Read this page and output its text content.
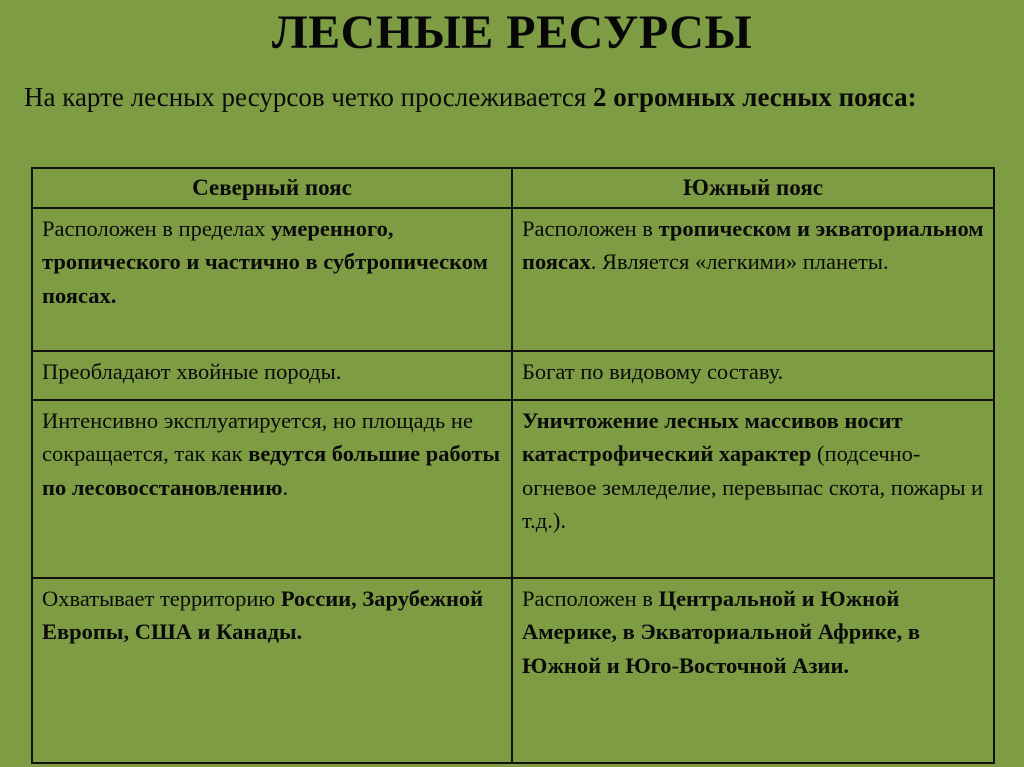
ЛЕСНЫЕ РЕСУРСЫ
На карте лесных ресурсов четко прослеживается 2 огромных лесных пояса:
Северный пояс	Южный пояс

Расположен в пределах умеренного, тропического и частично в субтропическом поясах.	Расположен в тропическом и экваториальном поясах. Является «легкими» планеты.

Преобладают хвойные породы.	Богат по видовому составу.

Интенсивно эксплуатируется, но площадь не сокращается, так как ведутся большие работы по лесовосстановлению.	Уничтожение лесных массивов носит катастрофический характер (подсечно-огневое земледелие, перевыпас скота, пожары и т.д.).

Охватывает территорию России, Зарубежной Европы, США и Канады.	Расположен в Центральной и Южной Америке, в Экваториальной Африке, в Южной и Юго-Восточной Азии.
